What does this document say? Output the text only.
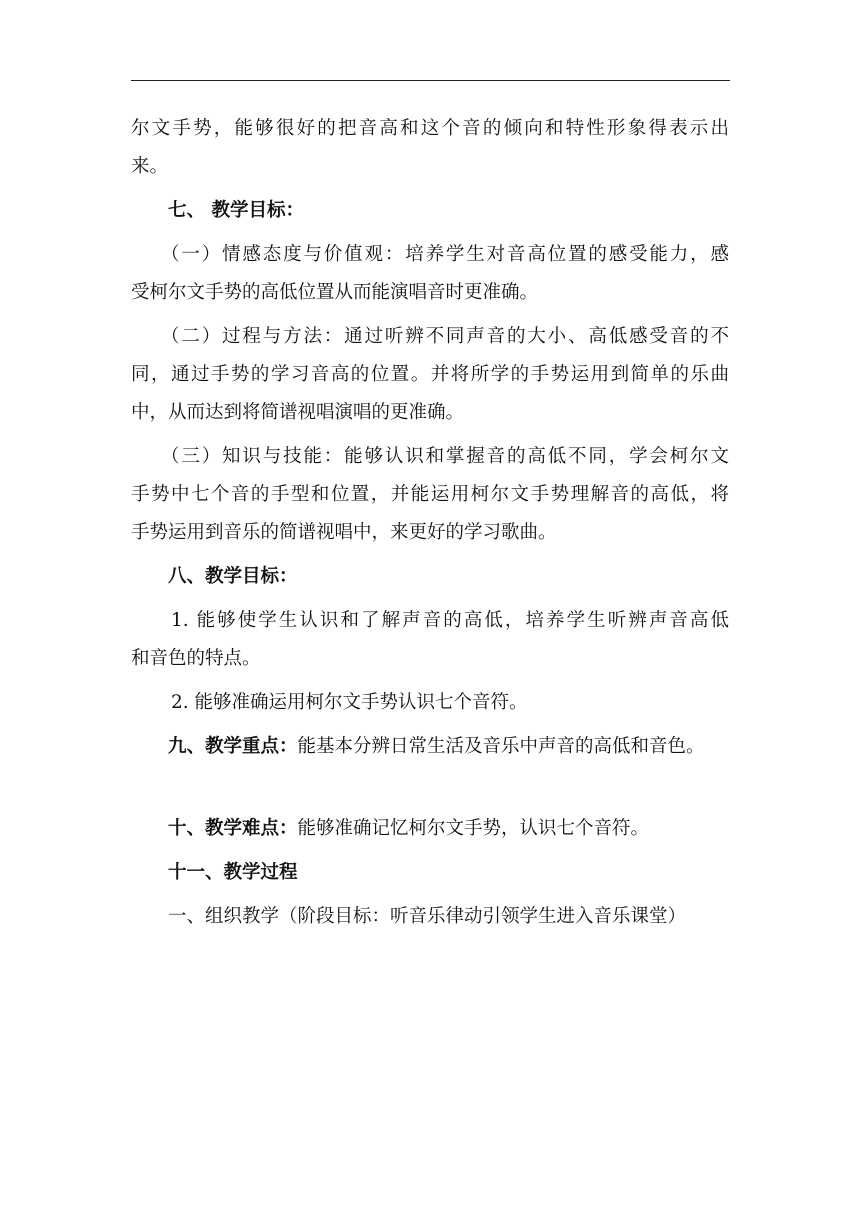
尔文手势，能够很好的把音高和这个音的倾向和特性形象得表示出
来。
七、 教学目标：
（一）情感态度与价值观：培养学生对音高位置的感受能力，感
受柯尔文手势的高低位置从而能演唱音时更准确。
（二）过程与方法：通过听辨不同声音的大小、高低感受音的不
同，通过手势的学习音高的位置。并将所学的手势运用到简单的乐曲
中，从而达到将简谱视唱演唱的更准确。
（三）知识与技能：能够认识和掌握音的高低不同，学会柯尔文
手势中七个音的手型和位置，并能运用柯尔文手势理解音的高低，将
手势运用到音乐的简谱视唱中，来更好的学习歌曲。
八、教学目标：
1. 能够使学生认识和了解声音的高低，培养学生听辨声音高低
和音色的特点。
2. 能够准确运用柯尔文手势认识七个音符。
九、教学重点：能基本分辨日常生活及音乐中声音的高低和音色。
十、教学难点：能够准确记忆柯尔文手势，认识七个音符。
十一、教学过程
一、组织教学（阶段目标：听音乐律动引领学生进入音乐课堂）
